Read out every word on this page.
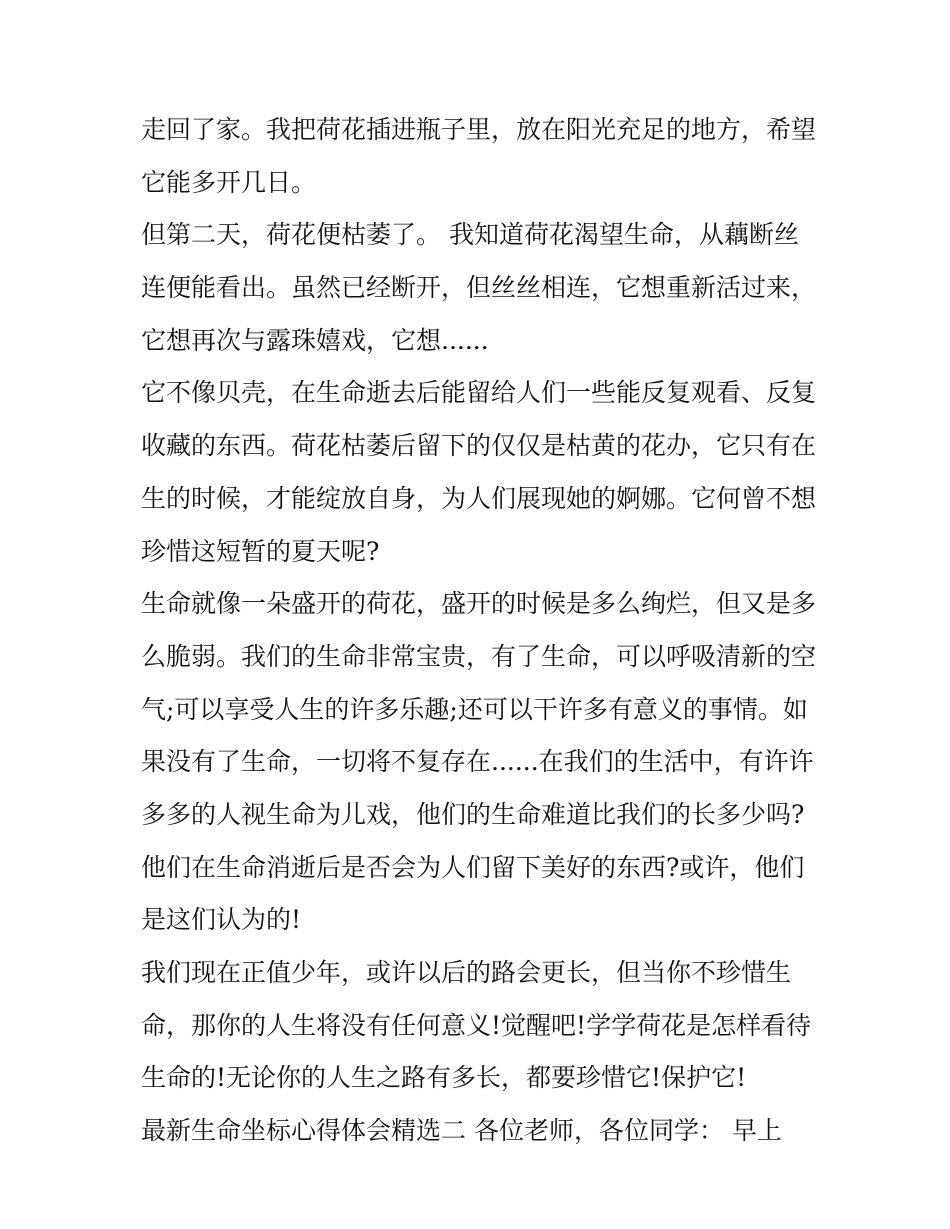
走回了家。我把荷花插进瓶子里，放在阳光充足的地方，希望
它能多开几日。
但第二天，荷花便枯萎了。 我知道荷花渴望生命，从藕断丝
连便能看出。虽然已经断开，但丝丝相连，它想重新活过来，
它想再次与露珠嬉戏，它想......
它不像贝壳，在生命逝去后能留给人们一些能反复观看、反复
收藏的东西。荷花枯萎后留下的仅仅是枯黄的花办，它只有在
生的时候，才能绽放自身，为人们展现她的婀娜。它何曾不想
珍惜这短暂的夏天呢?
生命就像一朵盛开的荷花，盛开的时候是多么绚烂，但又是多
么脆弱。我们的生命非常宝贵，有了生命，可以呼吸清新的空
气;可以享受人生的许多乐趣;还可以干许多有意义的事情。如
果没有了生命，一切将不复存在......在我们的生活中，有许许
多多的人视生命为儿戏，他们的生命难道比我们的长多少吗?
他们在生命消逝后是否会为人们留下美好的东西?或许，他们
是这们认为的!
我们现在正值少年，或许以后的路会更长，但当你不珍惜生
命，那你的人生将没有任何意义!觉醒吧!学学荷花是怎样看待
生命的!无论你的人生之路有多长，都要珍惜它!保护它!
最新生命坐标心得体会精选二 各位老师，各位同学： 早上
